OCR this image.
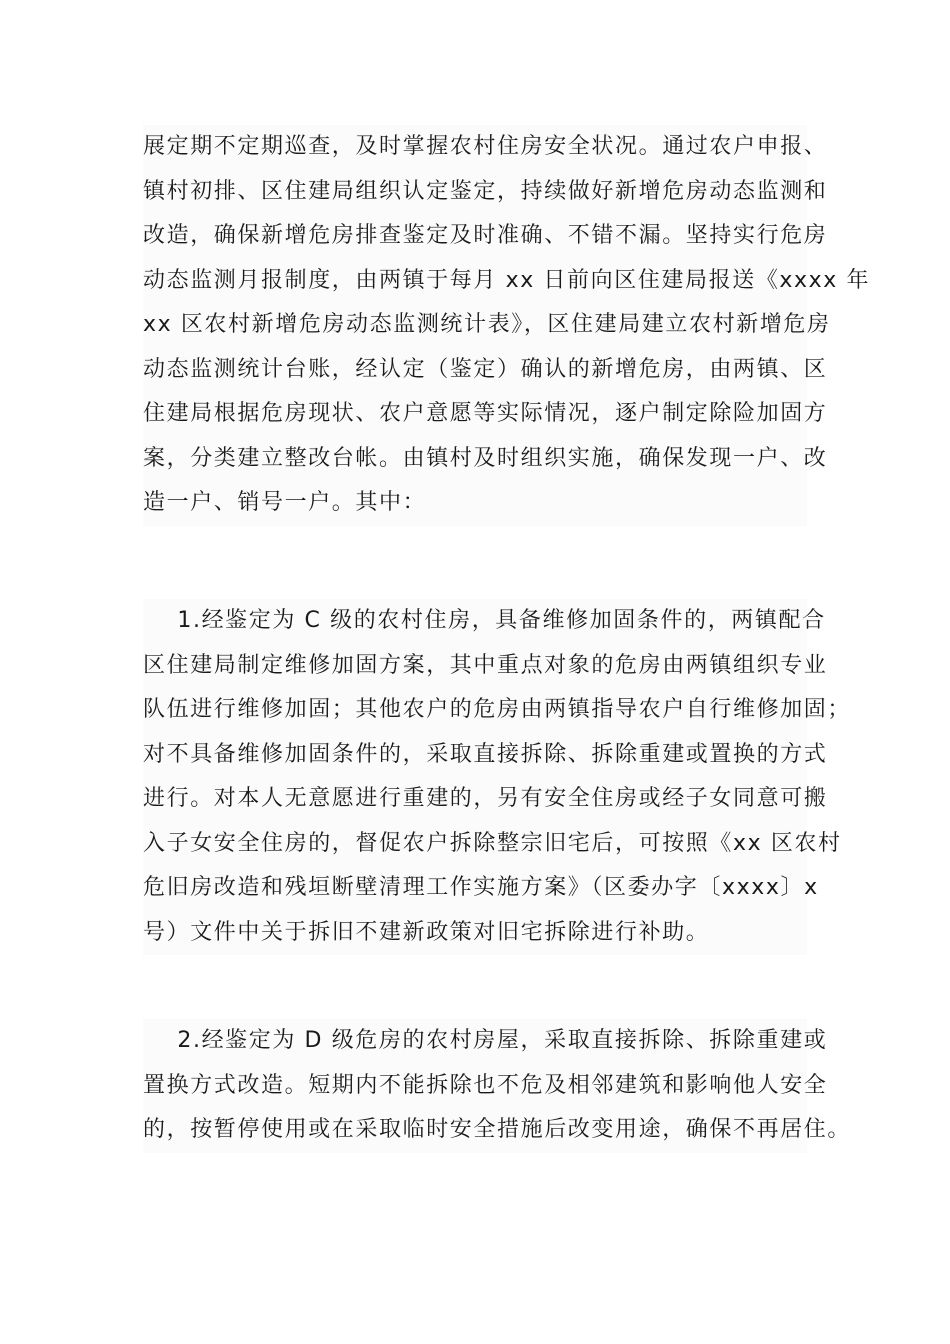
展定期不定期巡查，及时掌握农村住房安全状况。通过农户申报、
镇村初排、区住建局组织认定鉴定，持续做好新增危房动态监测和
改造，确保新增危房排查鉴定及时准确、不错不漏。坚持实行危房
动态监测月报制度，由两镇于每月 xx 日前向区住建局报送《xxxx 年
xx 区农村新增危房动态监测统计表》，区住建局建立农村新增危房
动态监测统计台账，经认定（鉴定）确认的新增危房，由两镇、区
住建局根据危房现状、农户意愿等实际情况，逐户制定除险加固方
案，分类建立整改台帐。由镇村及时组织实施，确保发现一户、改
造一户、销号一户。其中：
1.经鉴定为 C 级的农村住房，具备维修加固条件的，两镇配合
区住建局制定维修加固方案，其中重点对象的危房由两镇组织专业
队伍进行维修加固；其他农户的危房由两镇指导农户自行维修加固；
对不具备维修加固条件的，采取直接拆除、拆除重建或置换的方式
进行。对本人无意愿进行重建的，另有安全住房或经子女同意可搬
入子女安全住房的，督促农户拆除整宗旧宅后，可按照《xx 区农村
危旧房改造和残垣断壁清理工作实施方案》（区委办字〔xxxx〕x
号）文件中关于拆旧不建新政策对旧宅拆除进行补助。
2.经鉴定为 D 级危房的农村房屋，采取直接拆除、拆除重建或
置换方式改造。短期内不能拆除也不危及相邻建筑和影响他人安全
的，按暂停使用或在采取临时安全措施后改变用途，确保不再居住。
